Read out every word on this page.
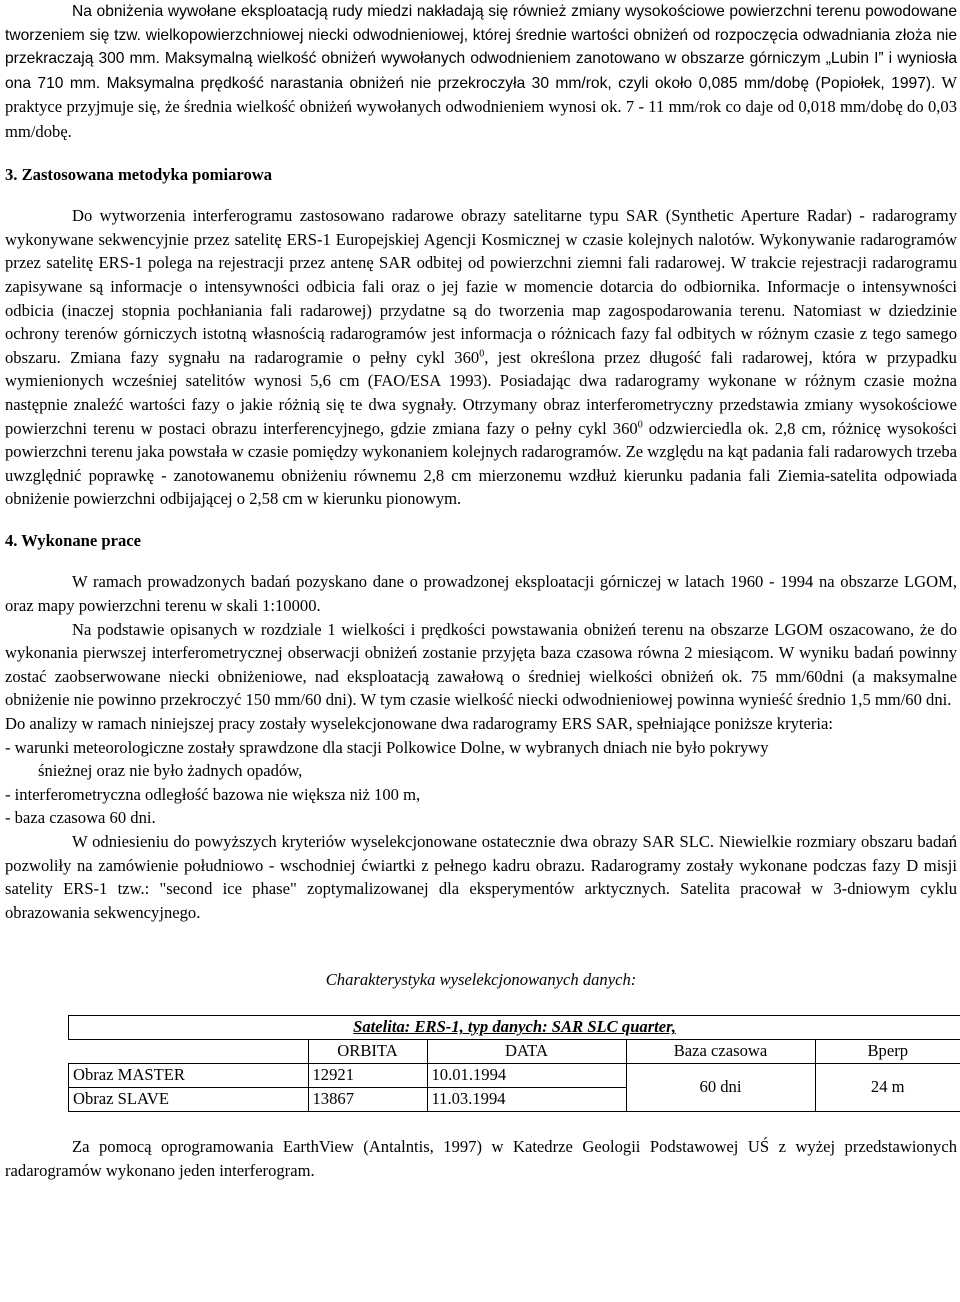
Na obniżenia wywołane eksploatacją rudy miedzi nakładają się również zmiany wysokościowe powierzchni terenu powodowane tworzeniem się tzw. wielkopowierzchniowej niecki odwodnieniowej, której średnie wartości obniżeń od rozpoczęcia odwadniania złoża nie przekraczają 300 mm. Maksymalną wielkość obniżeń wywołanych odwodnieniem zanotowano w obszarze górniczym „Lubin I” i wyniosła ona 710 mm. Maksymalna prędkość narastania obniżeń nie przekroczyła 30 mm/rok, czyli około 0,085 mm/dobę (Popiołek, 1997). W praktyce przyjmuje się, że średnia wielkość obniżeń wywołanych odwodnieniem wynosi ok. 7 - 11 mm/rok co daje od 0,018 mm/dobę do 0,03 mm/dobę.

3. Zastosowana metodyka pomiarowa

Do wytworzenia interferogramu zastosowano radarowe obrazy satelitarne typu SAR (Synthetic Aperture Radar) - radarogramy wykonywane sekwencyjnie przez satelitę ERS-1 Europejskiej Agencji Kosmicznej w czasie kolejnych nalotów. Wykonywanie radarogramów przez satelitę ERS-1 polega na rejestracji przez antenę SAR odbitej od powierzchni ziemni fali radarowej. W trakcie rejestracji radarogramu zapisywane są informacje o intensywności odbicia fali oraz o jej fazie w momencie dotarcia do odbiornika. Informacje o intensywności odbicia (inaczej stopnia pochłaniania fali radarowej) przydatne są do tworzenia map zagospodarowania terenu. Natomiast w dziedzinie ochrony terenów górniczych istotną własnością radarogramów jest informacja o różnicach fazy fal odbitych w różnym czasie z tego samego obszaru. Zmiana fazy sygnału na radarogramie o pełny cykl $360^0$, jest określona przez długość fali radarowej, która w przypadku wymienionych wcześniej satelitów wynosi 5,6 cm (FAO/ESA 1993). Posiadając dwa radarogramy wykonane w różnym czasie można następnie znaleźć wartości fazy o jakie różnią się te dwa sygnały. Otrzymany obraz interferometryczny przedstawia zmiany wysokościowe powierzchni terenu w postaci obrazu interferencyjnego, gdzie zmiana fazy o pełny cykl $360^0$ odzwierciedla ok. 2,8 cm, różnicę wysokości powierzchni terenu jaka powstała w czasie pomiędzy wykonaniem kolejnych radarogramów. Ze względu na kąt padania fali radarowych trzeba uwzględnić poprawkę - zanotowanemu obniżeniu równemu 2,8 cm mierzonemu wzdłuż kierunku padania fali Ziemia-satelita odpowiada obniżenie powierzchni odbijającej o 2,58 cm w kierunku pionowym.

4. Wykonane prace

W ramach prowadzonych badań pozyskano dane o prowadzonej eksploatacji górniczej w latach 1960 - 1994 na obszarze LGOM, oraz mapy powierzchni terenu w skali 1:10000.

Na podstawie opisanych w rozdziale 1 wielkości i prędkości powstawania obniżeń terenu na obszarze LGOM oszacowano, że do wykonania pierwszej interferometrycznej obserwacji obniżeń zostanie przyjęta baza czasowa równa 2 miesiącom. W wyniku badań powinny zostać zaobserwowane niecki obniżeniowe, nad eksploatacją zawałową o średniej wielkości obniżeń ok. 75 mm/60dni (a maksymalne obniżenie nie powinno przekroczyć 150 mm/60 dni). W tym czasie wielkość niecki odwodnieniowej powinna wynieść średnio 1,5 mm/60 dni.

Do analizy w ramach niniejszej pracy zostały wyselekcjonowane dwa radarogramy ERS SAR, spełniające poniższe kryteria:

- warunki meteorologiczne zostały sprawdzone dla stacji Polkowice Dolne, w wybranych dniach nie było pokrywy

śnieżnej oraz nie było żadnych opadów,

- interferometryczna odległość bazowa nie większa niż 100 m,

- baza czasowa 60 dni.

W odniesieniu do powyższych kryteriów wyselekcjonowane ostatecznie dwa obrazy SAR SLC. Niewielkie rozmiary obszaru badań pozwoliły na zamówienie południowo - wschodniej ćwiartki z pełnego kadru obrazu. Radarogramy zostały wykonane podczas fazy D misji satelity ERS-1 tzw.: "second ice phase" zoptymalizowanej dla eksperymentów arktycznych. Satelita pracował w 3-dniowym cyklu obrazowania sekwencyjnego.

Charakterystyka wyselekcjonowanych danych:

Satelita: ERS-1, typ danych: SAR SLC quarter,				
	ORBITA	DATA	Baza czasowa	Bperp
Obraz MASTER	12921	10.01.1994	60 dni	24 m
Obraz SLAVE	13867	11.03.1994		

Za pomocą oprogramowania EarthView (Antalntis, 1997) w Katedrze Geologii Podstawowej UŚ z wyżej przedstawionych radarogramów wykonano jeden interferogram.
